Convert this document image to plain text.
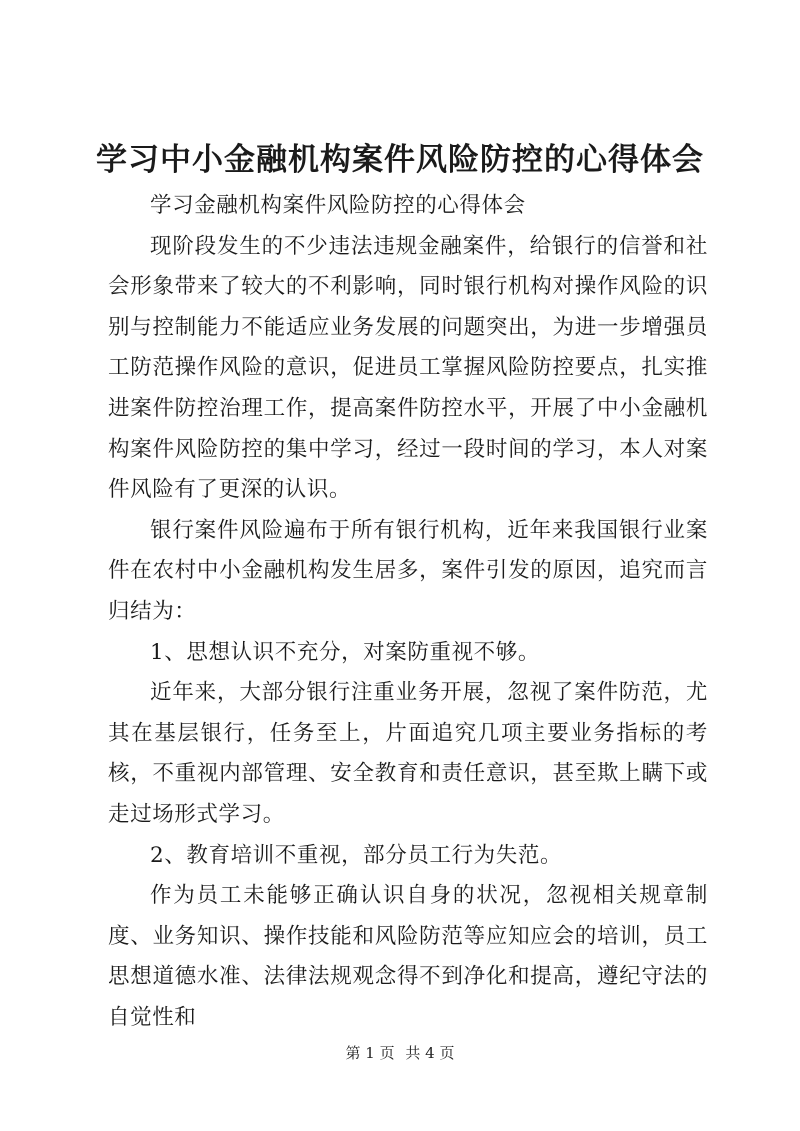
学习中小金融机构案件风险防控的心得体会

学习金融机构案件风险防控的心得体会

现阶段发生的不少违法违规金融案件，给银行的信誉和社会形象带来了较大的不利影响，同时银行机构对操作风险的识别与控制能力不能适应业务发展的问题突出，为进一步增强员工防范操作风险的意识，促进员工掌握风险防控要点，扎实推进案件防控治理工作，提高案件防控水平，开展了中小金融机构案件风险防控的集中学习，经过一段时间的学习，本人对案件风险有了更深的认识。

银行案件风险遍布于所有银行机构，近年来我国银行业案件在农村中小金融机构发生居多，案件引发的原因，追究而言归结为：

1、思想认识不充分，对案防重视不够。

近年来，大部分银行注重业务开展，忽视了案件防范，尤其在基层银行，任务至上，片面追究几项主要业务指标的考核，不重视内部管理、安全教育和责任意识，甚至欺上瞒下或走过场形式学习。

2、教育培训不重视，部分员工行为失范。

作为员工未能够正确认识自身的状况，忽视相关规章制度、业务知识、操作技能和风险防范等应知应会的培训，员工思想道德水准、法律法规观念得不到净化和提高，遵纪守法的自觉性和

第 1 页 共 4 页
